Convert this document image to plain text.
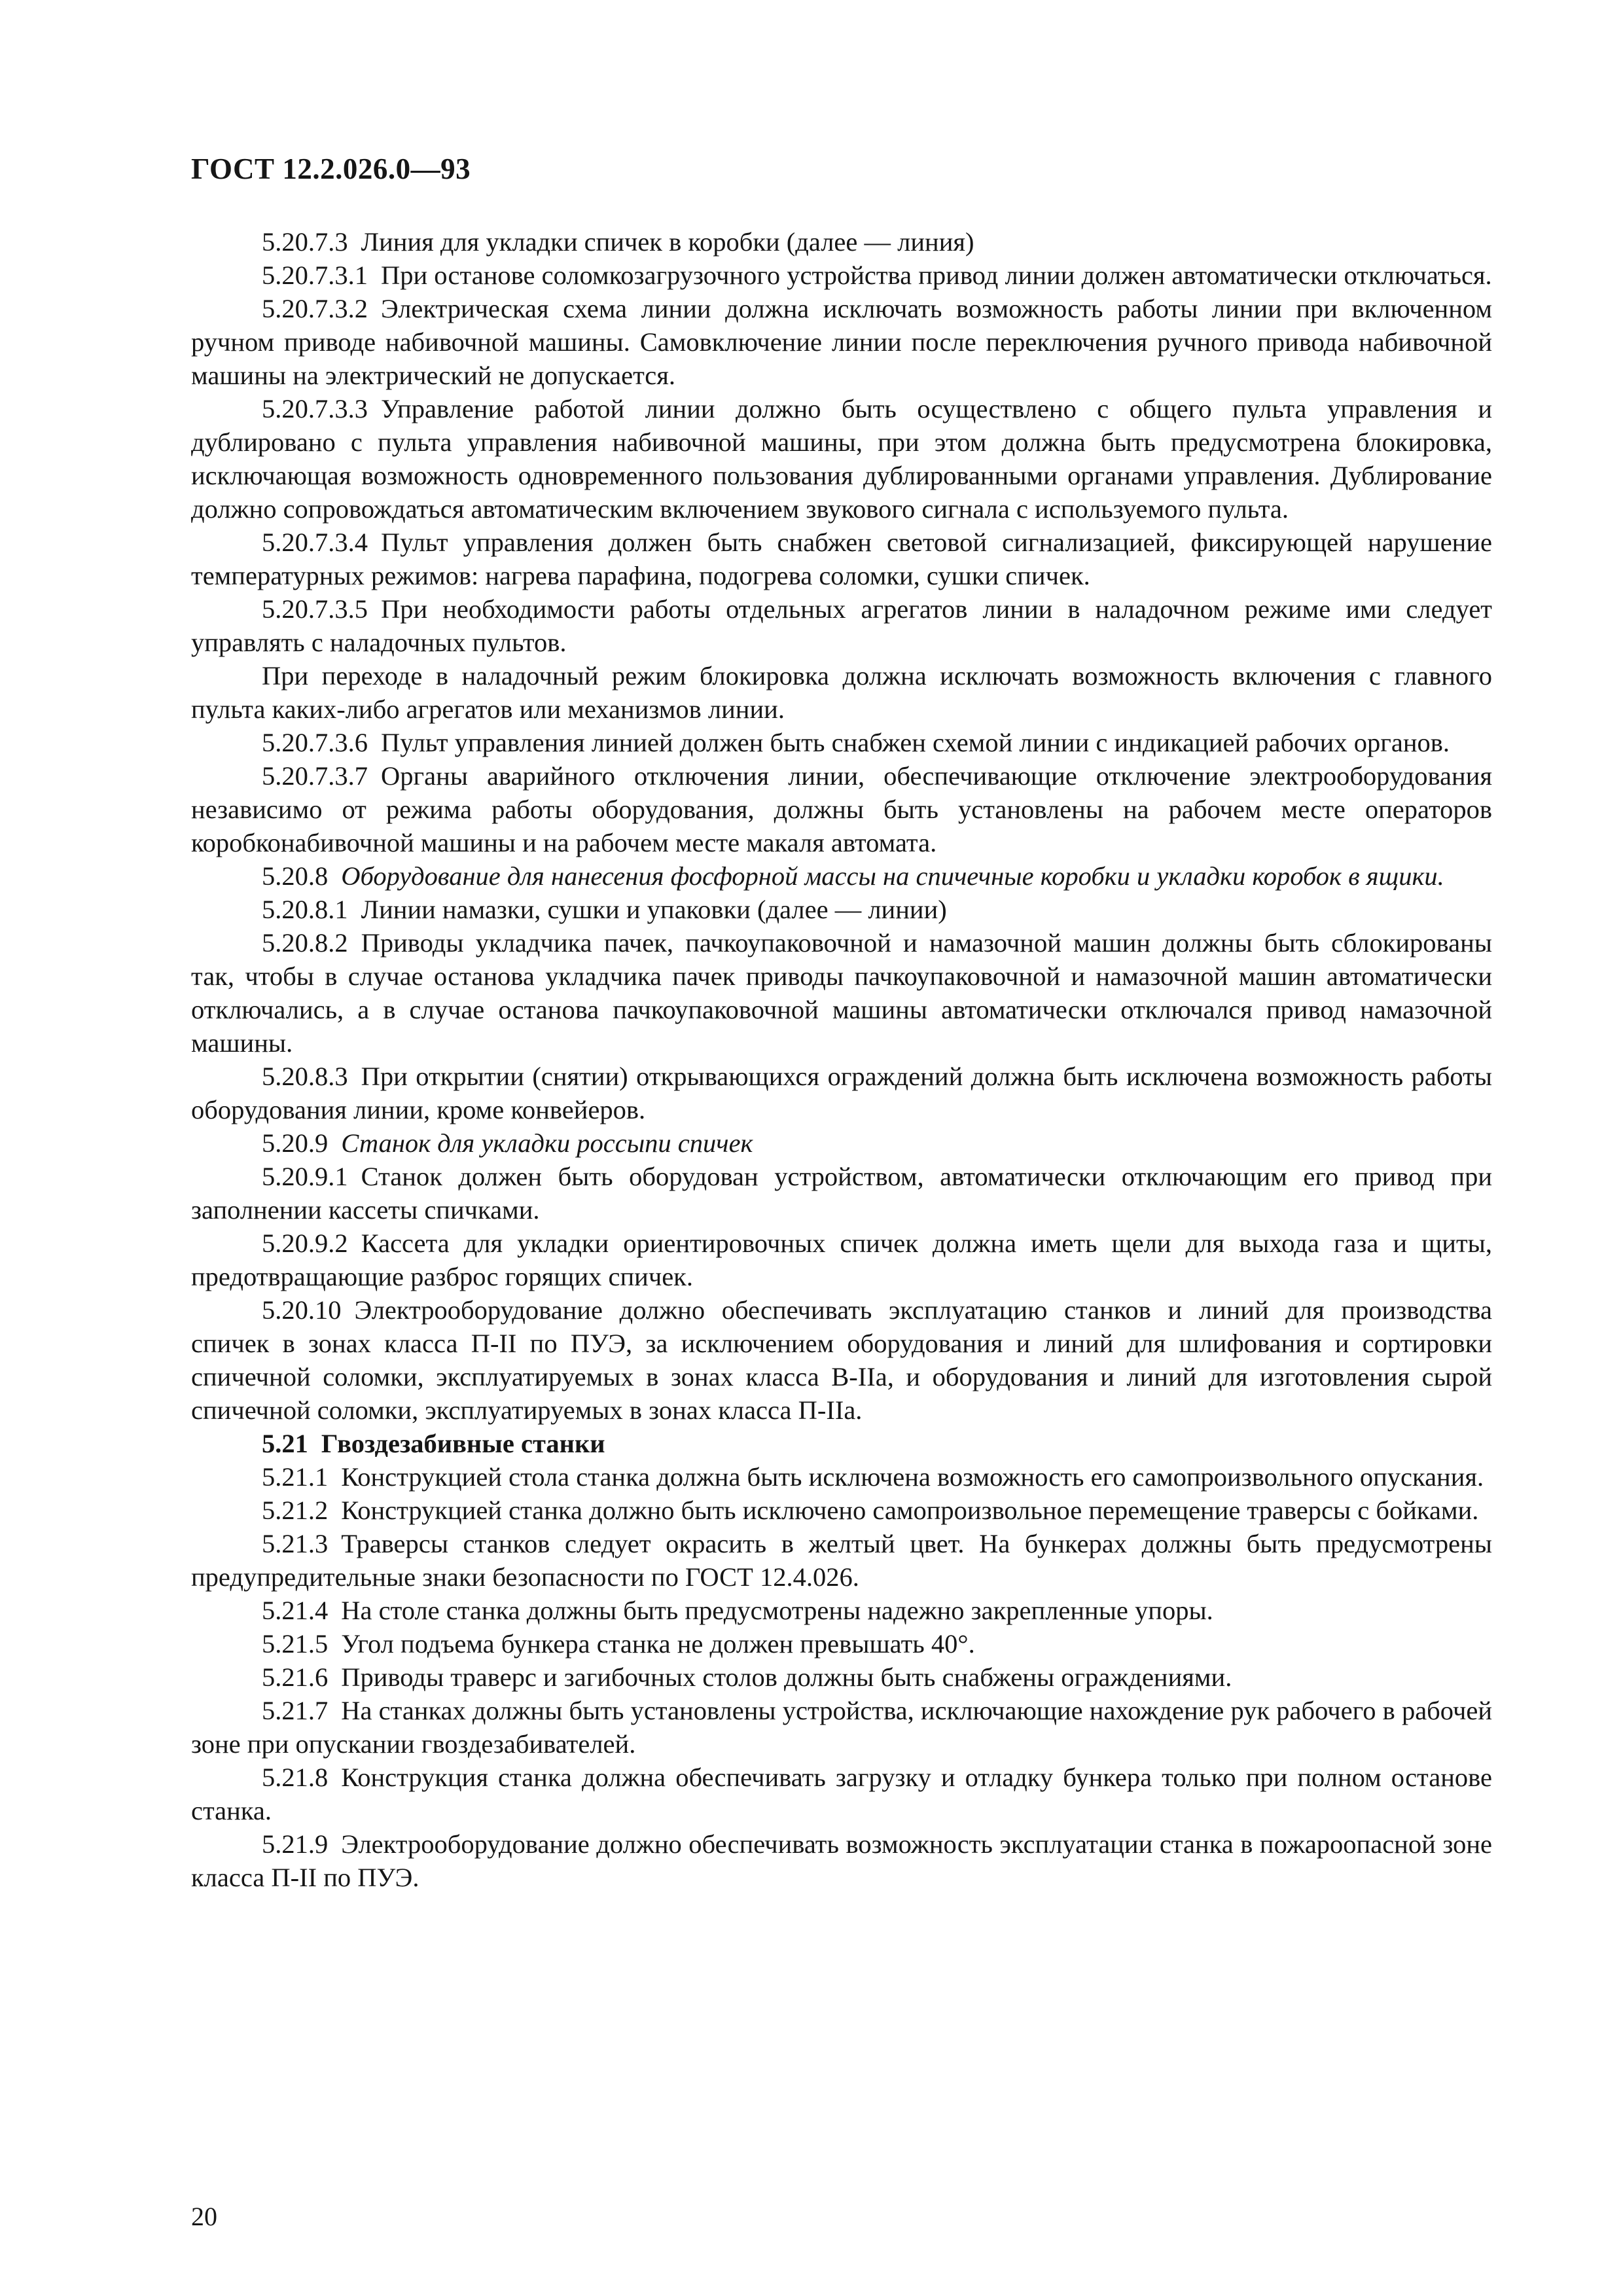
ГОСТ 12.2.026.0—93

5.20.7.3 Линия для укладки спичек в коробки (далее — линия)

5.20.7.3.1 При останове соломкозагрузочного устройства привод линии должен автоматически отключаться.

5.20.7.3.2 Электрическая схема линии должна исключать возможность работы линии при включенном ручном приводе набивочной машины. Самовключение линии после переключения ручного привода набивочной машины на электрический не допускается.

5.20.7.3.3 Управление работой линии должно быть осуществлено с общего пульта управления и дублировано с пульта управления набивочной машины, при этом должна быть предусмотрена блокировка, исключающая возможность одновременного пользования дублированными органами управления. Дублирование должно сопровождаться автоматическим включением звукового сигнала с используемого пульта.

5.20.7.3.4 Пульт управления должен быть снабжен световой сигнализацией, фиксирующей нарушение температурных режимов: нагрева парафина, подогрева соломки, сушки спичек.

5.20.7.3.5 При необходимости работы отдельных агрегатов линии в наладочном режиме ими следует управлять с наладочных пультов.

При переходе в наладочный режим блокировка должна исключать возможность включения с главного пульта каких-либо агрегатов или механизмов линии.

5.20.7.3.6 Пульт управления линией должен быть снабжен схемой линии с индикацией рабочих органов.

5.20.7.3.7 Органы аварийного отключения линии, обеспечивающие отключение электрооборудования независимо от режима работы оборудования, должны быть установлены на рабочем месте операторов коробконабивочной машины и на рабочем месте макаля автомата.

5.20.8 Оборудование для нанесения фосфорной массы на спичечные коробки и укладки коробок в ящики.

5.20.8.1 Линии намазки, сушки и упаковки (далее — линии)

5.20.8.2 Приводы укладчика пачек, пачкоупаковочной и намазочной машин должны быть сблокированы так, чтобы в случае останова укладчика пачек приводы пачкоупаковочной и намазочной машин автоматически отключались, а в случае останова пачкоупаковочной машины автоматически отключался привод намазочной машины.

5.20.8.3 При открытии (снятии) открывающихся ограждений должна быть исключена возможность работы оборудования линии, кроме конвейеров.

5.20.9 Станок для укладки россыпи спичек

5.20.9.1 Станок должен быть оборудован устройством, автоматически отключающим его привод при заполнении кассеты спичками.

5.20.9.2 Кассета для укладки ориентировочных спичек должна иметь щели для выхода газа и щиты, предотвращающие разброс горящих спичек.

5.20.10 Электрооборудование должно обеспечивать эксплуатацию станков и линий для производства спичек в зонах класса П-II по ПУЭ, за исключением оборудования и линий для шлифования и сортировки спичечной соломки, эксплуатируемых в зонах класса В-IIа, и оборудования и линий для изготовления сырой спичечной соломки, эксплуатируемых в зонах класса П-IIа.

5.21 Гвоздезабивные станки

5.21.1 Конструкцией стола станка должна быть исключена возможность его самопроизвольного опускания.

5.21.2 Конструкцией станка должно быть исключено самопроизвольное перемещение траверсы с бойками.

5.21.3 Траверсы станков следует окрасить в желтый цвет. На бункерах должны быть предусмотрены предупредительные знаки безопасности по ГОСТ 12.4.026.

5.21.4 На столе станка должны быть предусмотрены надежно закрепленные упоры.

5.21.5 Угол подъема бункера станка не должен превышать 40°.

5.21.6 Приводы траверс и загибочных столов должны быть снабжены ограждениями.

5.21.7 На станках должны быть установлены устройства, исключающие нахождение рук рабочего в рабочей зоне при опускании гвоздезабивателей.

5.21.8 Конструкция станка должна обеспечивать загрузку и отладку бункера только при полном останове станка.

5.21.9 Электрооборудование должно обеспечивать возможность эксплуатации станка в пожароопасной зоне класса П-II по ПУЭ.

20
